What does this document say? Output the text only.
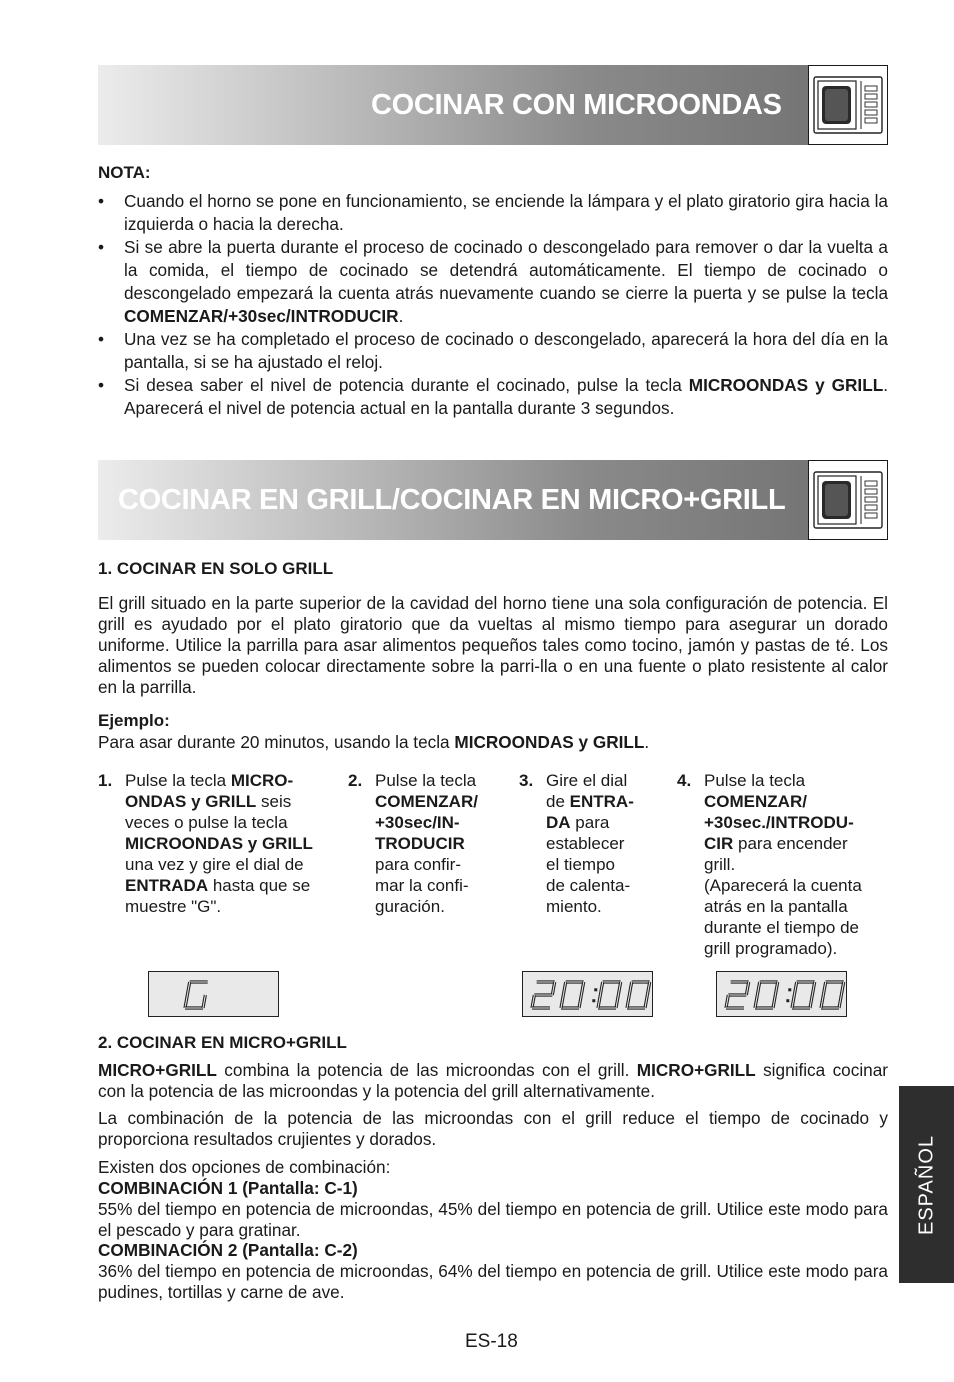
COCINAR CON MICROONDAS
NOTA:
• Cuando el horno se pone en funcionamiento, se enciende la lámpara y el plato giratorio gira hacia la izquierda o hacia la derecha.
• Si se abre la puerta durante el proceso de cocinado o descongelado para remover o dar la vuelta a la comida, el tiempo de cocinado se detendrá automáticamente. El tiempo de cocinado o descongelado empezará la cuenta atrás nuevamente cuando se cierre la puerta y se pulse la tecla COMENZAR/+30sec/INTRODUCIR.
• Una vez se ha completado el proceso de cocinado o descongelado, aparecerá la hora del día en la pantalla, si se ha ajustado el reloj.
• Si desea saber el nivel de potencia durante el cocinado, pulse la tecla MICROONDAS y GRILL. Aparecerá el nivel de potencia actual en la pantalla durante 3 segundos.
COCINAR EN GRILL/COCINAR EN MICRO+GRILL
1. COCINAR EN SOLO GRILL

El grill situado en la parte superior de la cavidad del horno tiene una sola configuración de potencia. El grill es ayudado por el plato giratorio que da vueltas al mismo tiempo para asegurar un dorado uniforme. Utilice la parrilla para asar alimentos pequeños tales como tocino, jamón y pastas de té. Los alimentos se pueden colocar directamente sobre la parri-lla o en una fuente o plato resistente al calor en la parrilla.

Ejemplo:

Para asar durante 20 minutos, usando la tecla MICROONDAS y GRILL.

1. Pulse la tecla MICRO-
ONDAS y GRILL seis
veces o pulse la tecla
MICROONDAS y GRILL
una vez y gire el dial de
ENTRADA hasta que se
muestre "G".
2. Pulse la tecla
COMENZAR/
+30sec/IN-
TRODUCIR
para confir-
mar la confi-
guración.
3. Gire el dial
de ENTRA-
DA para
establecer
el tiempo
de calenta-
miento.
4. Pulse la tecla
COMENZAR/
+30sec./INTRODU-
CIR para encender
grill.
(Aparecerá la cuenta
atrás en la pantalla
durante el tiempo de
grill programado).
2. COCINAR EN MICRO+GRILL

MICRO+GRILL combina la potencia de las microondas con el grill. MICRO+GRILL significa cocinar con la potencia de las microondas y la potencia del grill alternativamente.

La combinación de la potencia de las microondas con el grill reduce el tiempo de cocinado y proporciona resultados crujientes y dorados.

Existen dos opciones de combinación:

COMBINACIÓN 1 (Pantalla: C-1)

55% del tiempo en potencia de microondas, 45% del tiempo en potencia de grill. Utilice este modo para el pescado y para gratinar.

COMBINACIÓN 2 (Pantalla: C-2)

36% del tiempo en potencia de microondas, 64% del tiempo en potencia de grill. Utilice este modo para pudines, tortillas y carne de ave.

ESPAÑOL
ES-18
